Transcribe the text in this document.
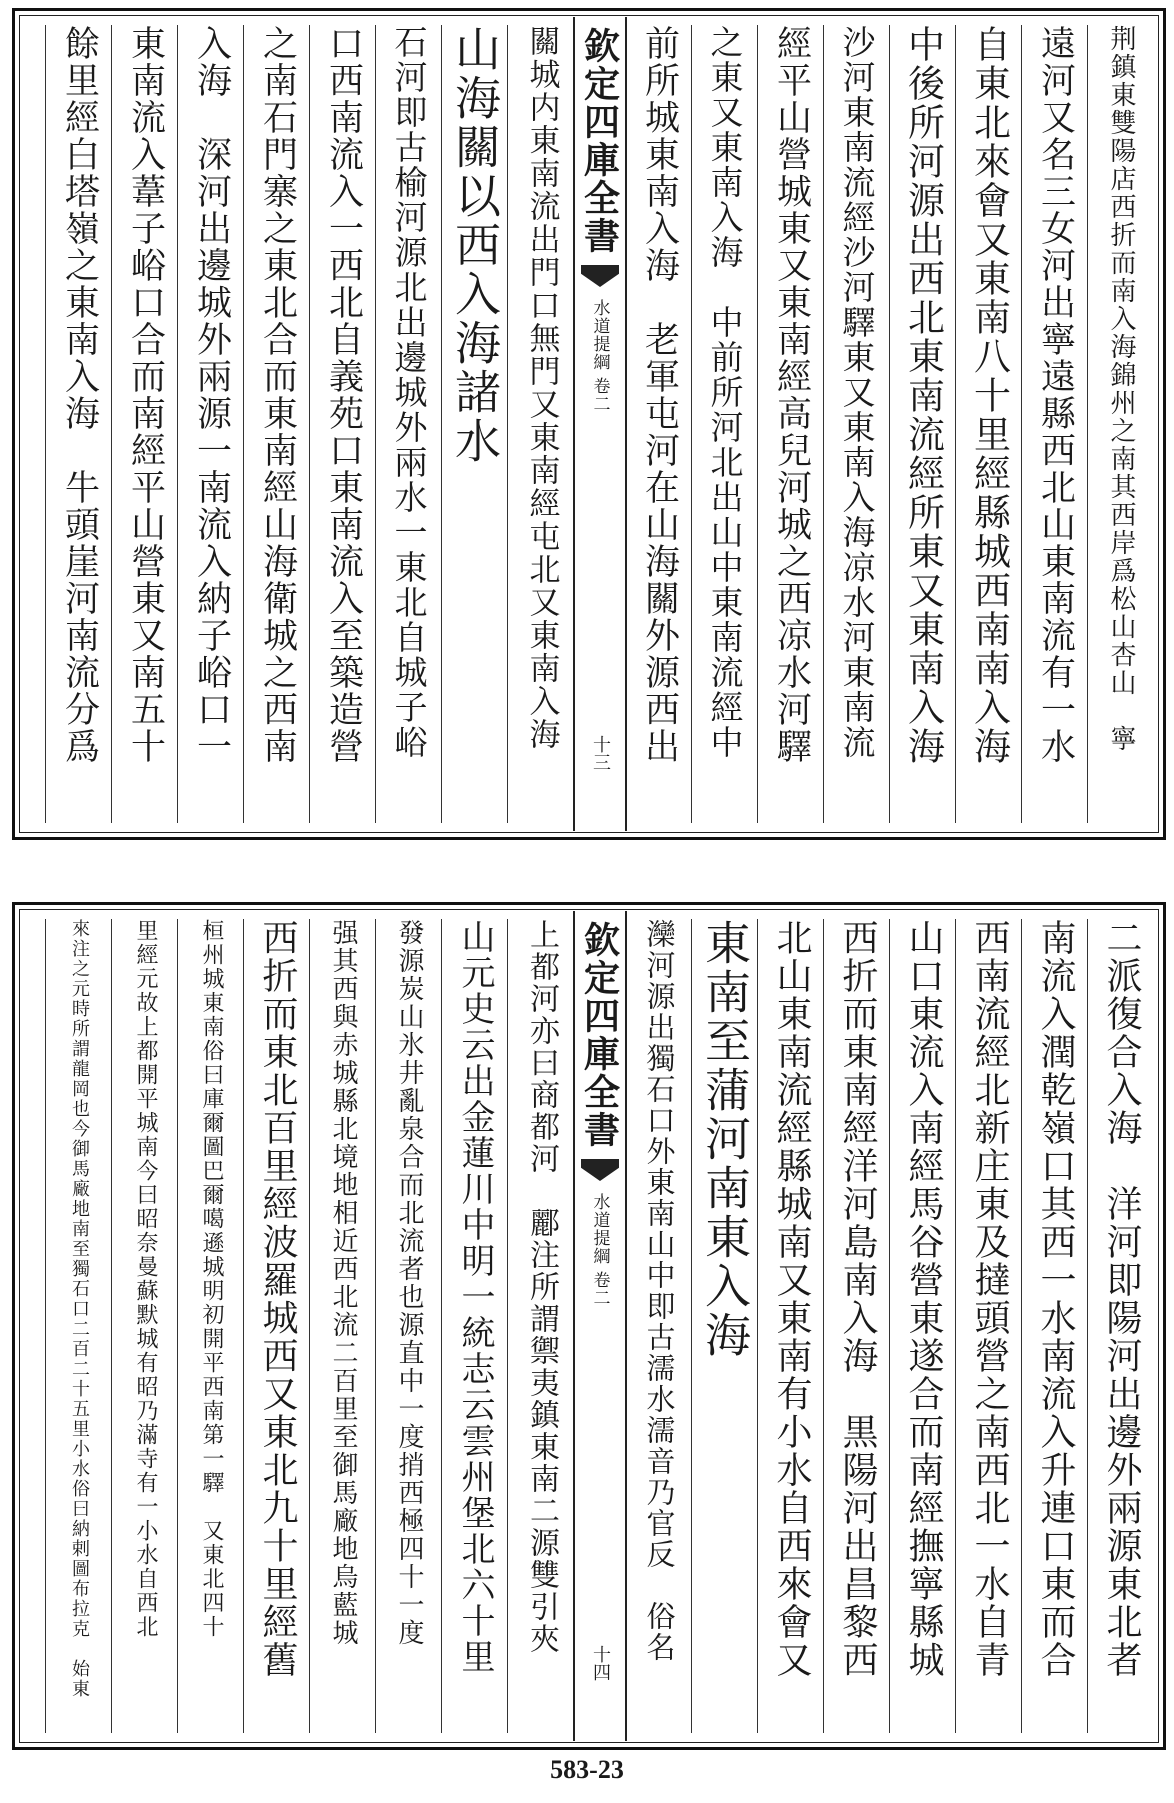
荆鎮東雙陽店西折而南入海錦州之南其西岸爲松山杏山　寧
遠河又名三女河出寧遠縣西北山東南流有一水
自東北來會又東南八十里經縣城西南南入海
中後所河源出西北東南流經所東又東南入海
沙河東南流經沙河驛東又東南入海凉水河東南流
經平山營城東又東南經高兒河城之西凉水河驛
之東又東南入海　中前所河北出山中東南流經中
前所城東南入海　老軍屯河在山海關外源西出
欽定四庫全書
水道提綱
卷二
十三
關城内東南流出門口無門又東南經屯北又東南入海
山海關以西入海諸水
石河即古榆河源北出邊城外兩水一東北自城子峪
口西南流入一西北自義苑口東南流入至築造營
之南石門寨之東北合而東南經山海衛城之西南
入海　深河出邊城外兩源一南流入納子峪口一
東南流入葦子峪口合而南經平山營東又南五十
餘里經白塔嶺之東南入海　牛頭崖河南流分爲
二派復合入海　洋河即陽河出邊外兩源東北者
南流入潤乾嶺口其西一水南流入升連口東而合
西南流經北新庄東及撻頭營之南西北一水自青
山口東流入南經馬谷營東遂合而南經撫寧縣城
西折而東南經洋河島南入海　黒陽河出昌黎西
北山東南流經縣城南又東南有小水自西來會又
東南至蒲河南東入海
灤河源出獨石口外東南山中即古濡水濡音乃官反　俗名
欽定四庫全書
水道提綱
卷二
十四
上都河亦曰商都河　酈注所謂禦夷鎮東南二源雙引夾
山元史云出金蓮川中明一統志云雲州堡北六十里
發源炭山氷井亂泉合而北流者也源直中一度捎西極四十一度
强其西與赤城縣北境地相近西北流二百里至御馬廠地烏藍城
西折而東北百里經波羅城西又東北九十里經舊
桓州城東南俗曰庫爾圖巴爾噶遜城明初開平西南第一驛　又東北四十
里經元故上都開平城南今曰昭奈曼蘇默城有昭乃滿寺有一小水自西北
來注之元時所謂龍岡也今御馬廠地南至獨石口二百二十五里小水俗曰納剌圖布拉克　始東
583-23
